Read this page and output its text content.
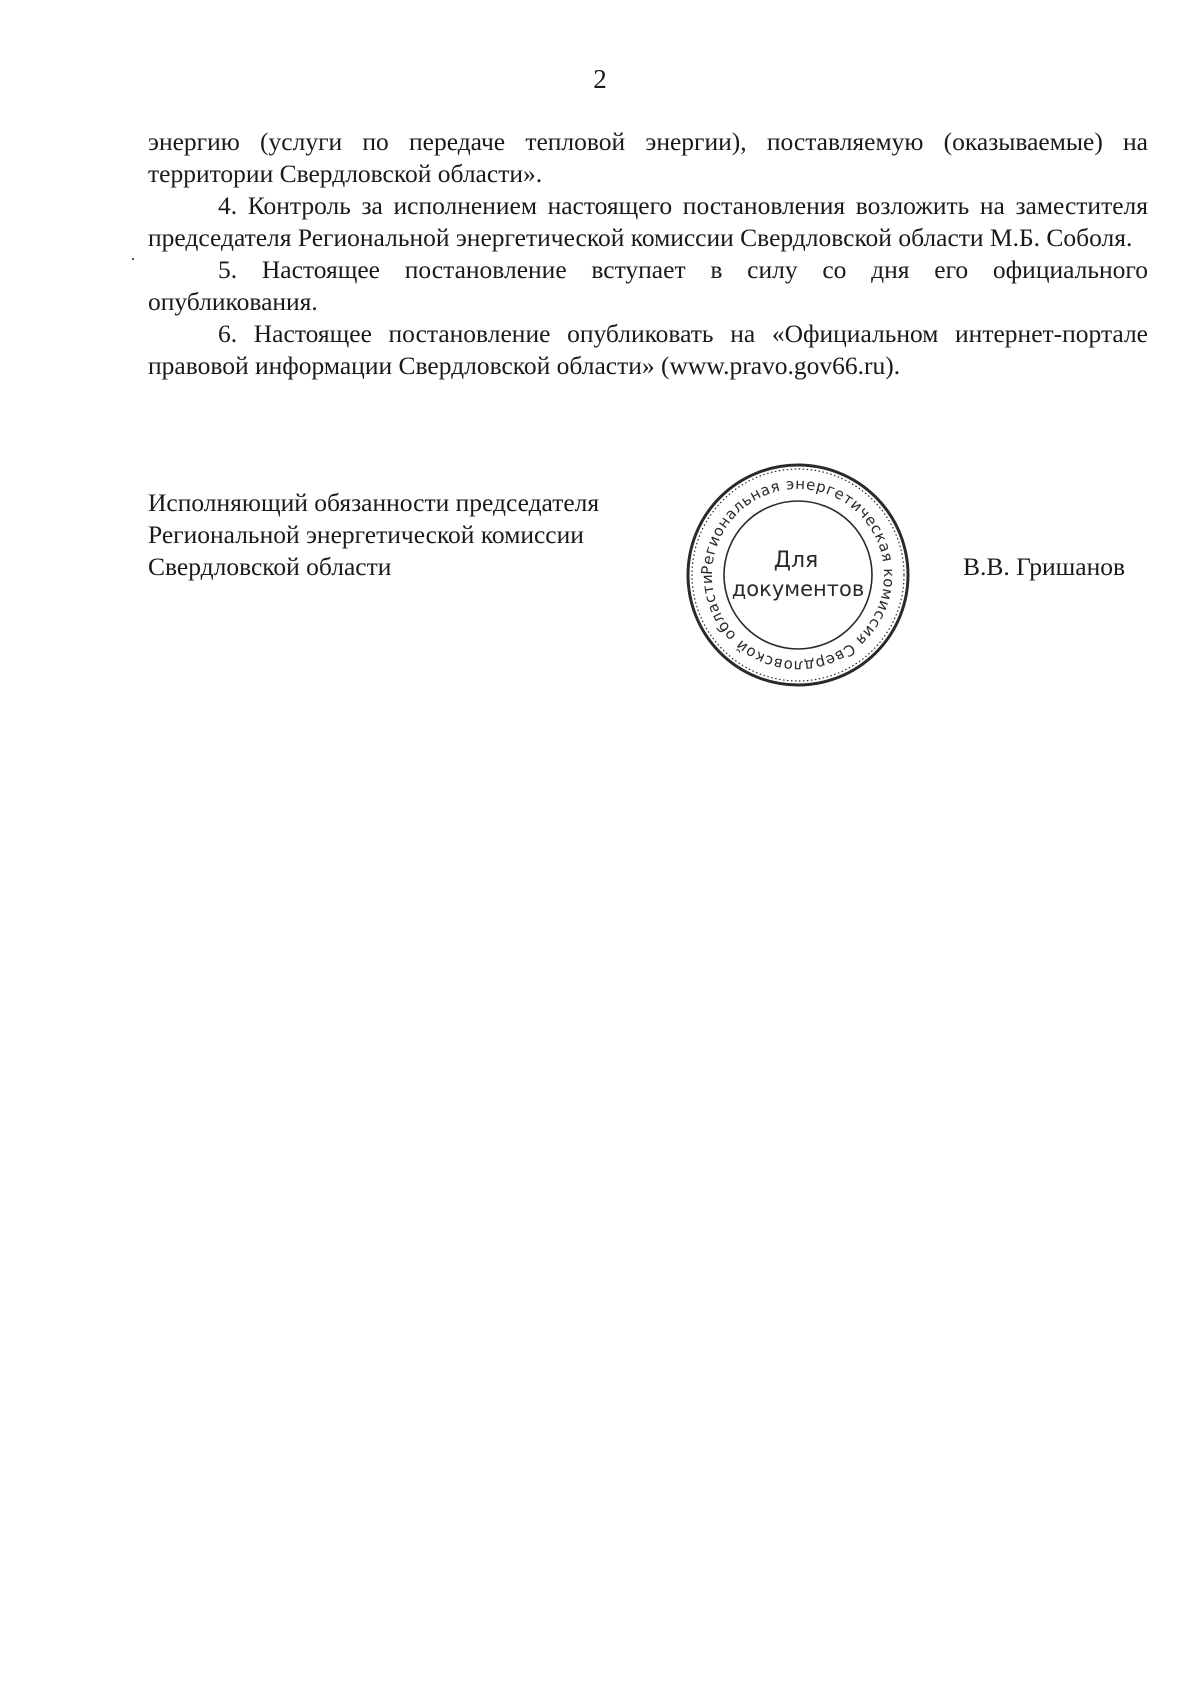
2

энергию (услуги по передаче тепловой энергии), поставляемую (оказываемые) на территории Свердловской области».

4. Контроль за исполнением настоящего постановления возложить на заместителя председателя Региональной энергетической комиссии Свердловской области М.Б. Соболя.

5. Настоящее постановление вступает в силу со дня его официального опубликования.

6. Настоящее постановление опубликовать на «Официальном интернет-портале правовой информации Свердловской области» (www.pravo.gov66.ru).

Исполняющий обязанности председателя
Региональной энергетической комиссии
Свердловской области	Региональная энергетическая комиссия Свердловской области
Для
документов
В.В. Гришанов
